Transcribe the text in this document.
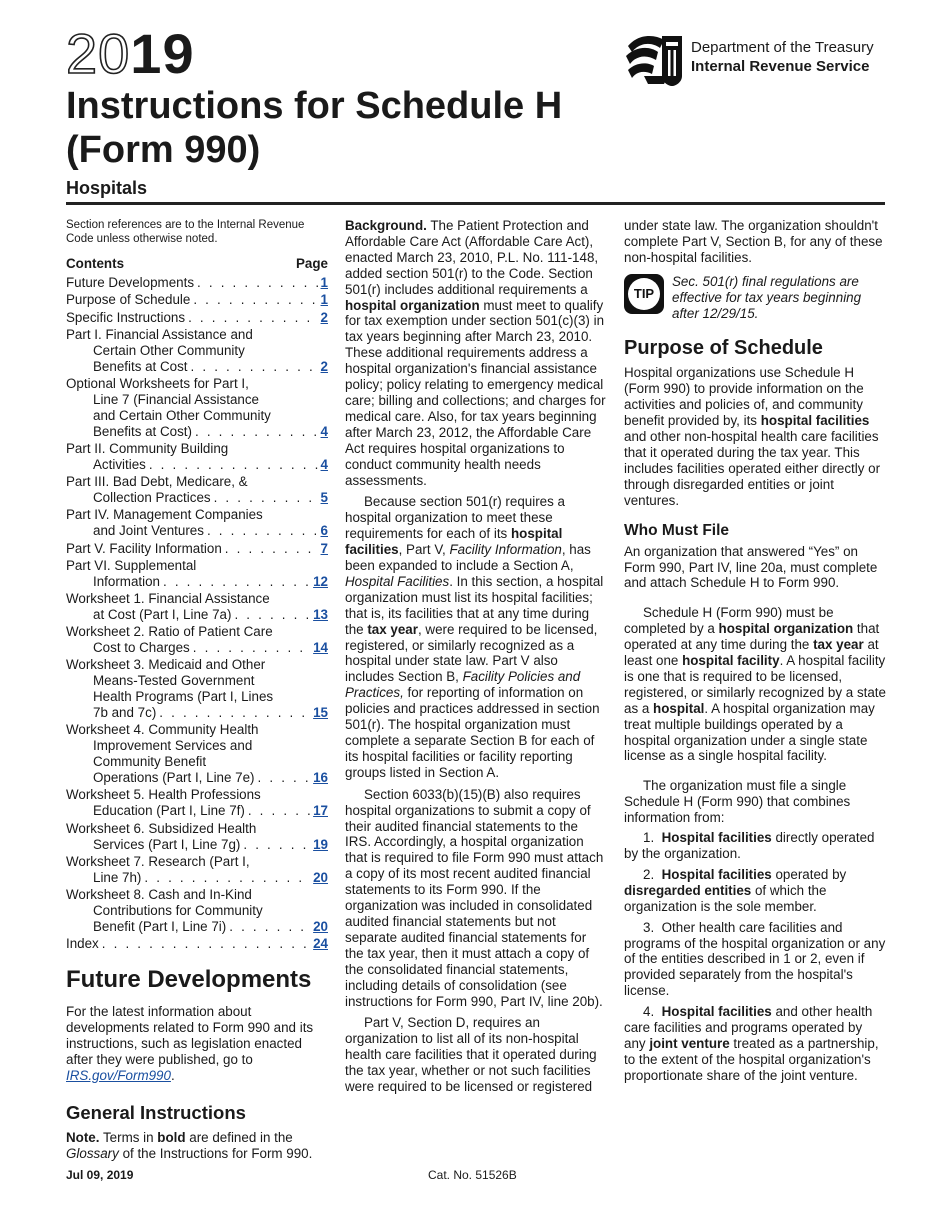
2019
Instructions for Schedule H
(Form 990)
Hospitals
Department of the Treasury
Internal Revenue Service

Section references are to the Internal Revenue Code unless otherwise noted.

Contents	Page
Future Developments . . .	1
Purpose of Schedule . . .	1
Specific Instructions . . .	2
Part I. Financial Assistance and
Certain Other Community
Benefits at Cost . . .	2
Optional Worksheets for Part I,
Line 7 (Financial Assistance
and Certain Other Community
Benefits at Cost) . . .	4
Part II. Community Building
Activities . . .	4
Part III. Bad Debt, Medicare, &
Collection Practices . . .	5
Part IV. Management Companies
and Joint Ventures . . .	6
Part V. Facility Information . . .	7
Part VI. Supplemental
Information . . .	12
Worksheet 1. Financial Assistance
at Cost (Part I, Line 7a) . . .	13
Worksheet 2. Ratio of Patient Care
Cost to Charges . . .	14
Worksheet 3. Medicaid and Other
Means-Tested Government
Health Programs (Part I, Lines
7b and 7c) . . .	15
Worksheet 4. Community Health
Improvement Services and
Community Benefit
Operations (Part I, Line 7e) . . .	16
Worksheet 5. Health Professions
Education (Part I, Line 7f) . . .	17
Worksheet 6. Subsidized Health
Services (Part I, Line 7g) . . .	19
Worksheet 7. Research (Part I,
Line 7h) . . .	20
Worksheet 8. Cash and In-Kind
Contributions for Community
Benefit (Part I, Line 7i) . . .	20
Index . . .	24
Future Developments

For the latest information about developments related to Form 990 and its instructions, such as legislation enacted after they were published, go to IRS.gov/Form990.

General Instructions

Note. Terms in bold are defined in the Glossary of the Instructions for Form 990.

Background. The Patient Protection and Affordable Care Act (Affordable Care Act), enacted March 23, 2010, P.L. No. 111-148, added section 501(r) to the Code. Section 501(r) includes additional requirements a hospital organization must meet to qualify for tax exemption under section 501(c)(3) in tax years beginning after March 23, 2010. These additional requirements address a hospital organization's financial assistance policy; policy relating to emergency medical care; billing and collections; and charges for medical care. Also, for tax years beginning after March 23, 2012, the Affordable Care Act requires hospital organizations to conduct community health needs assessments.

Because section 501(r) requires a hospital organization to meet these requirements for each of its hospital facilities, Part V, Facility Information, has been expanded to include a Section A, Hospital Facilities. In this section, a hospital organization must list its hospital facilities; that is, its facilities that at any time during the tax year, were required to be licensed, registered, or similarly recognized as a hospital under state law. Part V also includes Section B, Facility Policies and Practices, for reporting of information on policies and practices addressed in section 501(r). The hospital organization must complete a separate Section B for each of its hospital facilities or facility reporting groups listed in Section A.

Section 6033(b)(15)(B) also requires hospital organizations to submit a copy of their audited financial statements to the IRS. Accordingly, a hospital organization that is required to file Form 990 must attach a copy of its most recent audited financial statements to its Form 990. If the organization was included in consolidated audited financial statements but not separate audited financial statements for the tax year, then it must attach a copy of the consolidated financial statements, including details of consolidation (see instructions for Form 990, Part IV, line 20b).

Part V, Section D, requires an organization to list all of its non-hospital health care facilities that it operated during the tax year, whether or not such facilities were required to be licensed or registered

under state law. The organization shouldn't complete Part V, Section B, for any of these non-hospital facilities.

TIP
Sec. 501(r) final regulations are effective for tax years beginning after 12/29/15.
Purpose of Schedule

Hospital organizations use Schedule H (Form 990) to provide information on the activities and policies of, and community benefit provided by, its hospital facilities and other non-hospital health care facilities that it operated during the tax year. This includes facilities operated either directly or through disregarded entities or joint ventures.

Who Must File

An organization that answered “Yes” on Form 990, Part IV, line 20a, must complete and attach Schedule H to Form 990.

Schedule H (Form 990) must be completed by a hospital organization that operated at any time during the tax year at least one hospital facility. A hospital facility is one that is required to be licensed, registered, or similarly recognized by a state as a hospital. A hospital organization may treat multiple buildings operated by a hospital organization under a single state license as a single hospital facility.

The organization must file a single Schedule H (Form 990) that combines information from:

1. Hospital facilities directly operated by the organization.

2. Hospital facilities operated by disregarded entities of which the organization is the sole member.

3. Other health care facilities and programs of the hospital organization or any of the entities described in 1 or 2, even if provided separately from the hospital's license.

4. Hospital facilities and other health care facilities and programs operated by any joint venture treated as a partnership, to the extent of the hospital organization's proportionate share of the joint venture.

Jul 09, 2019	Cat. No. 51526B
